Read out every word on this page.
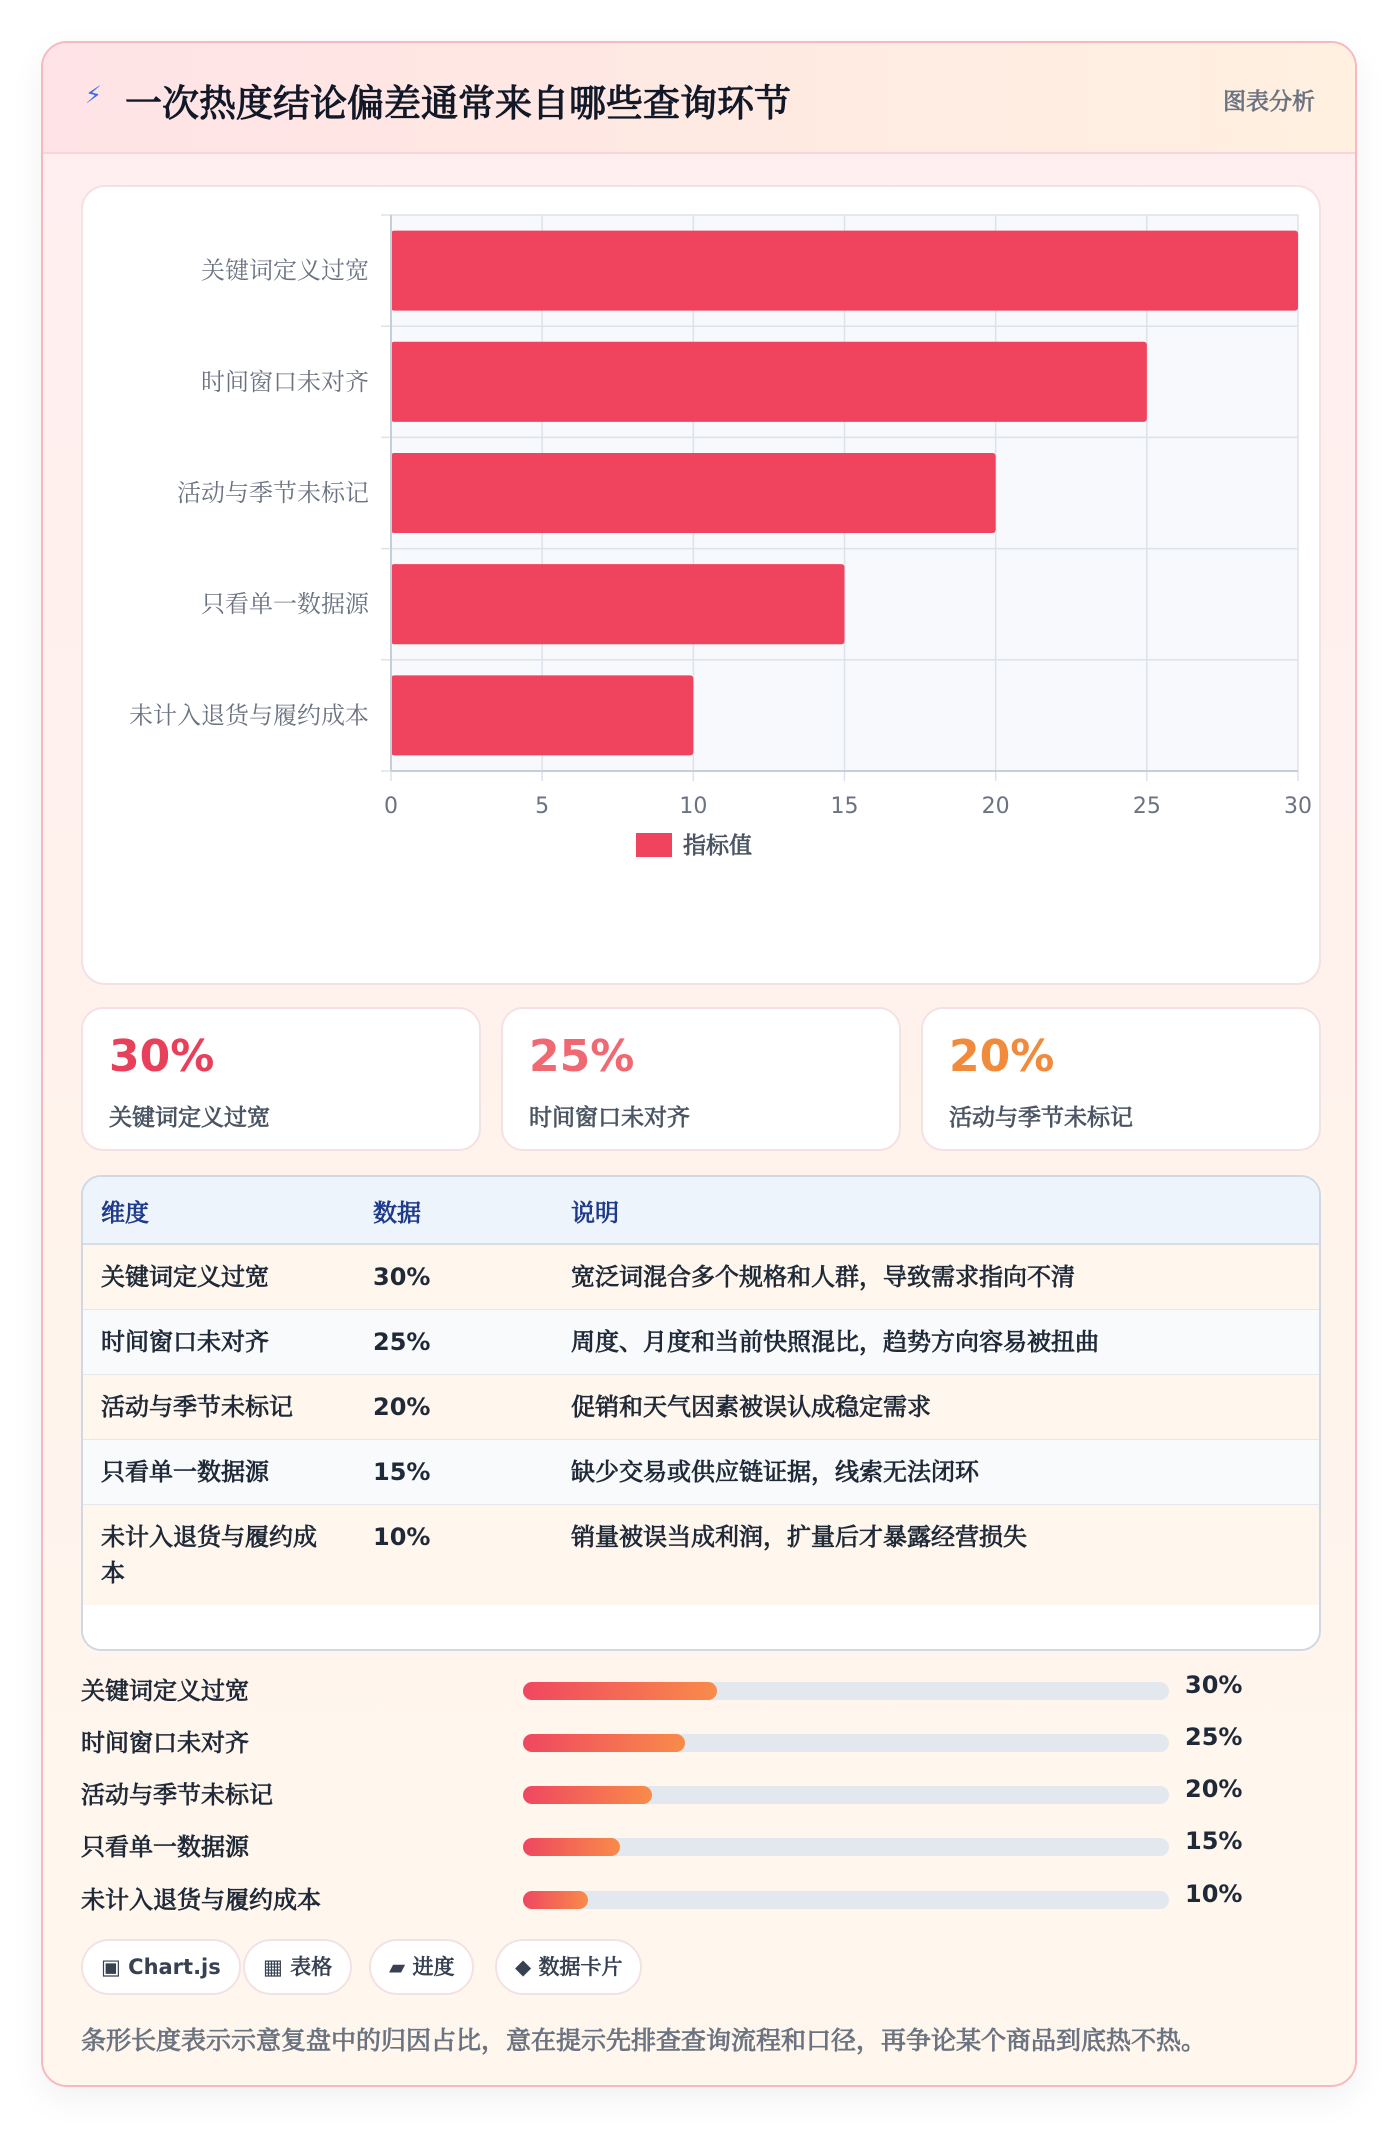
⚡ 一次热度结论偏差通常来自哪些查询环节	图表分析
0	5	10	15	20	25	30
关键词定义过宽
时间窗口未对齐
活动与季节未标记
只看单一数据源
未计入退货与履约成本
指标值
30%
关键词定义过宽
25%
时间窗口未对齐
20%
活动与季节未标记
维度	数据	说明
关键词定义过宽	30%	宽泛词混合多个规格和人群，导致需求指向不清
时间窗口未对齐	25%	周度、月度和当前快照混比，趋势方向容易被扭曲
活动与季节未标记	20%	促销和天气因素被误认成稳定需求
只看单一数据源	15%	缺少交易或供应链证据，线索无法闭环
未计入退货与履约成本	10%	销量被误当成利润，扩量后才暴露经营损失
关键词定义过宽	30%
时间窗口未对齐	25%
活动与季节未标记	20%
只看单一数据源	15%
未计入退货与履约成本	10%
▣ Chart.js	▦ 表格	▰ 进度	◆ 数据卡片
条形长度表示示意复盘中的归因占比，意在提示先排查查询流程和口径，再争论某个商品到底热不热。
